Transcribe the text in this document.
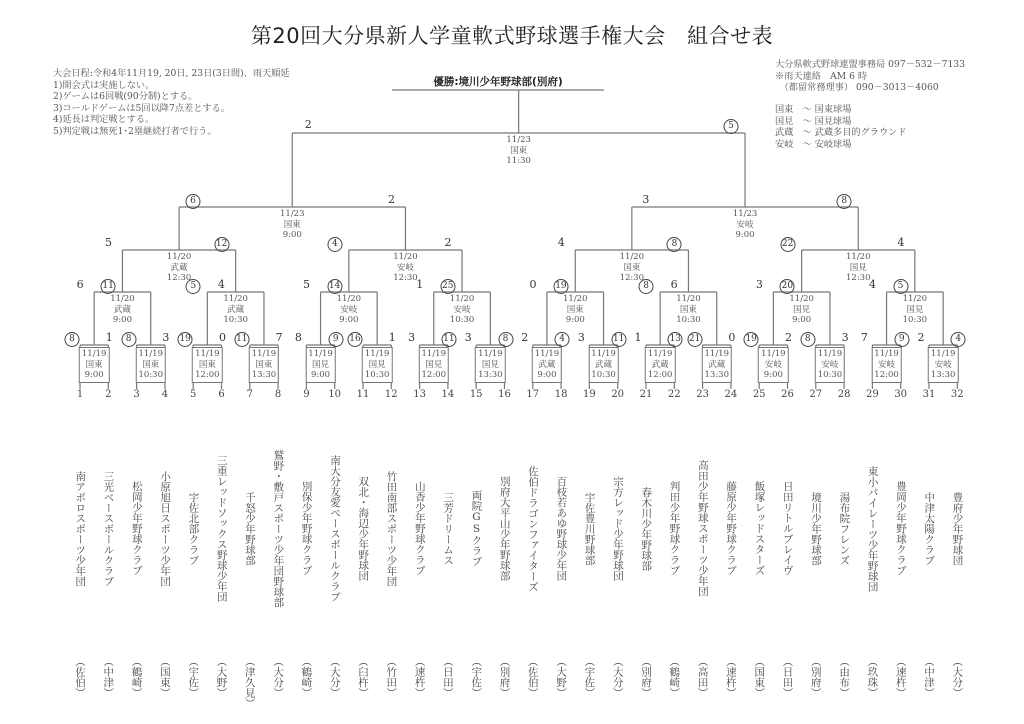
第20回大分県新人学童軟式野球選手権大会　組合せ表
大会日程:令和4年11月19, 20日, 23日(3日間)、雨天順延
1)開会式は実施しない。
2)ゲームは6回戦(90分制)とする。
3)コールドゲームは5回以降7点差とする。
4)延長は判定戦とする。
5)判定戦は無死1･2塁継続打者で行う。
大分県軟式野球連盟事務局 097－532－7133
※雨天連絡　AM 6 時
　（都留常務理事） 090－3013－4060
国東　～ 国東球場
国見　～ 国見球場
武蔵　～ 武蔵多目的グラウンド
安岐　～ 安岐球場
優勝:境川少年野球部(別府)
8	1
11/19
国東
9:00
8	3
11/19
国東
10:30
19	0
11/19
国東
12:00
11	7
11/19
国東
13:30
8	9
11/19
国見
9:00
16	1
11/19
国見
10:30
3	11
11/19
国見
12:00
3	8
11/19
国見
13:30
2	4
11/19
武蔵
9:00
3	11
11/19
武蔵
10:30
1	13
11/19
武蔵
12:00
21	0
11/19
武蔵
13:30
19	2
11/19
安岐
9:00
8	3
11/19
安岐
10:30
7	9
11/19
安岐
12:00
2	4
11/19
安岐
13:30
6 11
11/20
武蔵
9:00
5	4
11/20
武蔵
10:30
5 14
11/20
安岐
9:00
1 25
11/20
安岐
10:30
0 19
11/20
国東
9:00
8	6
11/20
国東
10:30
3 20
11/20
国見
9:00
4	5
11/20
国見
10:30
5	12
11/20
武蔵
12:30
4	2
11/20
安岐
12:30
4	8
11/20
国東
12:30
22	4
11/20
国見
12:30
6	2
11/23
国東
9:00
3	8
11/23
安岐
9:00
2	5
11/23
国東
11:30
1
南アポロスポーツ少年団
（佐伯）
2
三光ベースボールクラブ
（中津）
3
松岡少年野球クラブ
（鶴崎）
4
小原旭日スポーツ少年団
（国東）
5
宇佐北部クラブ
（宇佐）
6
三重レッドソックス野球少年団
（大野）
7
千怒少年野球部
（津久見）
8
鷲野・敷戸スポーツ少年団野球部
（大分）
9
別保少年野球クラブ
（鶴崎）
10
南大分友愛ベースボールクラブ
（大分）
11
双北・海辺少年野球団
（臼杵）
12
竹田南部スポーツ少年団
（竹田）
13
山香少年野球クラブ
（速杵）
14
三芳ドリームス
（日田）
15
両院GSクラブ
（宇佐）
16
別府大平山少年野球部
（別府）
17
佐伯ドラゴンファイターズ
（佐伯）
18
百枝若あゆ野球少年団
（大野）
19
宇佐豊川野球部
（宇佐）
20
宗方レッド少年野球団
（大分）
21
春木川少年野球部
（別府）
22
判田少年野球クラブ
（鶴崎）
23
高田少年野球スポーツ少年団
（高田）
24
藤原少年野球クラブ
（速杵）
25
飯塚レッドスターズ
（国東）
26
日田リトルブレイヴ
（日田）
27
境川少年野球部
（別府）
28
湯布院フレンズ
（由布）
29
東小パイレーツ少年野球団
（玖珠）
30
豊岡少年野球クラブ
（速杵）
31
中津太陽クラブ
（中津）
32
豊府少年野球団
（大分）
